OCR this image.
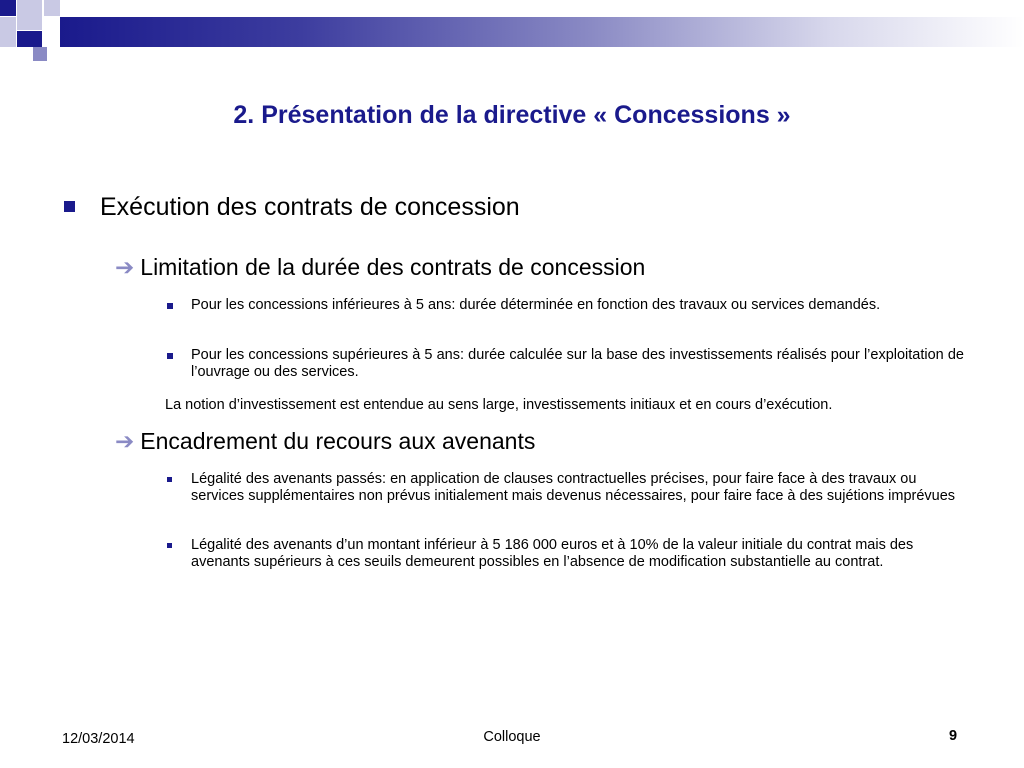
2. Présentation de la directive « Concessions »
Exécution des contrats de concession
➔ Limitation de la durée des contrats de concession
Pour les concessions inférieures à 5 ans: durée déterminée en fonction des travaux ou services demandés.
Pour les concessions supérieures à 5 ans: durée calculée sur la base des investissements réalisés pour l’exploitation de l’ouvrage ou des services.
La notion d’investissement est entendue au sens large, investissements initiaux et en cours d’exécution.
➔ Encadrement du recours aux avenants
Légalité des avenants passés: en application de clauses contractuelles précises, pour faire face à des travaux ou services supplémentaires non prévus initialement mais devenus nécessaires, pour faire face à des sujétions imprévues
Légalité des avenants d’un montant inférieur à 5 186 000 euros et à 10% de la valeur initiale du contrat mais des avenants supérieurs à ces seuils demeurent possibles en l’absence de modification substantielle au contrat.
12/03/2014	Colloque	9
